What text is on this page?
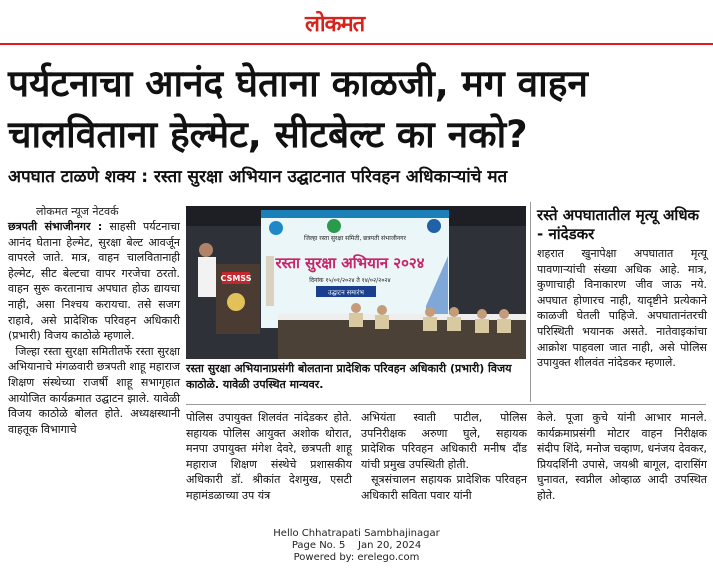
लोकमत
पर्यटनाचा आनंद घेताना काळजी, मग वाहन चालविताना हेल्मेट, सीटबेल्ट का नको?
अपघात टाळणे शक्य : रस्ता सुरक्षा अभियान उद्घाटनात परिवहन अधिकाऱ्यांचे मत
लोकमत न्यूज नेटवर्क

छत्रपती संभाजीनगर : साहसी पर्यटनाचा आनंद घेताना हेल्मेट, सुरक्षा बेल्ट आवर्जून वापरले जाते. मात्र, वाहन चालवितानाही हेल्मेट, सीट बेल्टचा वापर गरजेचा ठरतो. वाहन सुरू करतानाच अपघात होऊ द्यायचा नाही, असा निश्चय करायचा. तसे सजग राहावे, असे प्रादेशिक परिवहन अधिकारी (प्रभारी) विजय काठोळे म्हणाले.

जिल्हा रस्ता सुरक्षा समितीतर्फे रस्ता सुरक्षा अभियानाचे मंगळवारी छत्रपती शाहू महाराज शिक्षण संस्थेच्या राजर्षी शाहू सभागृहात आयोजित कार्यक्रमात उद्घाटन झाले. यावेळी विजय काठोळे बोलत होते. अध्यक्षस्थानी वाहतूक विभागाचे

जिल्हा रस्ता सुरक्षा समिती, छत्रपती संभाजीनगर
रस्ता सुरक्षा अभियान २०२४
दिनांक १५/०१/२०२४ ते १४/०२/२०२४
उद्घाटन समारंभ
CSMSS
रस्ता सुरक्षा अभियानाप्रसंगी बोलताना प्रादेशिक परिवहन अधिकारी (प्रभारी) विजय काठोळे. यावेळी उपस्थित मान्यवर.
रस्ते अपघातातील मृत्यू अधिक - नांदेडकर
शहरात खुनापेक्षा अपघातात मृत्यू पावणाऱ्यांची संख्या अधिक आहे. मात्र, कुणाचाही विनाकारण जीव जाऊ नये. अपघात होणारच नाही, यादृष्टीने प्रत्येकाने काळजी घेतली पाहिजे. अपघातानंतरची परिस्थिती भयानक असते. नातेवाइकांचा आक्रोश पाहवला जात नाही, असे पोलिस उपायुक्त शीलवंत नांदेडकर म्हणाले.

पोलिस उपायुक्त शिलवंत नांदेडकर होते. सहायक पोलिस आयुक्त अशोक थोरात, मनपा उपायुक्त मंगेश देवरे, छत्रपती शाहू महाराज शिक्षण संस्थेचे प्रशासकीय अधिकारी डॉ. श्रीकांत देशमुख, एसटी महामंडळाच्या उप यंत्र

अभियंता स्वाती पाटील, पोलिस उपनिरीक्षक अरुणा घुले, सहायक प्रादेशिक परिवहन अधिकारी मनीष दौंड यांची प्रमुख उपस्थिती होती.

सूत्रसंचालन सहायक प्रादेशिक परिवहन अधिकारी सविता पवार यांनी

केले. पूजा कुचे यांनी आभार मानले. कार्यक्रमाप्रसंगी मोटार वाहन निरीक्षक संदीप शिंदे, मनोज चव्हाण, धनंजय देवकर, प्रियदर्शिनी उपासे, जयश्री बागूल, दारासिंग घुनावत, स्वप्नील ओव्हाळ आदी उपस्थित होते.

Hello Chhatrapati Sambhajinagar
Page No. 5    Jan 20, 2024
Powered by: erelego.com
